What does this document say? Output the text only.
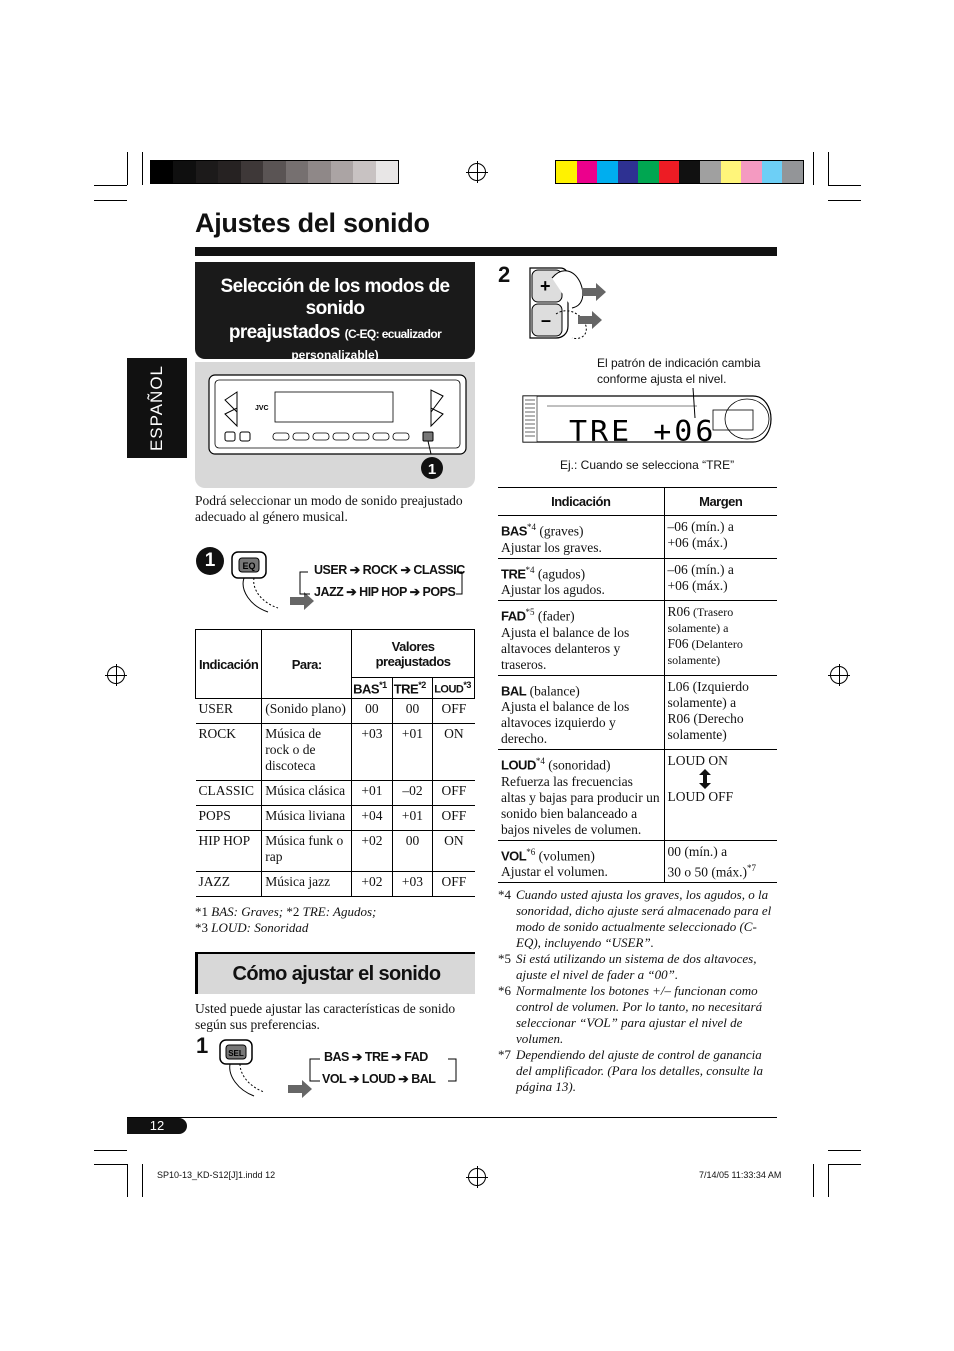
Ajustes del sonido
ESPAÑOL
Selección de los modos de sonido
preajustados (C-EQ: ecualizador
personalizable)
JVC
1
Podrá seleccionar un modo de sonido preajustado adecuado al género musical.
1	EQ	USER ➔ ROCK ➔ CLASSIC
JAZZ ➔ HIP HOP ➔ POPS
Indicación	Para:	Valores preajustados		
		BAS$^{*1}$	TRE$^{*2}$	LOUD$^{*3}$
USER	(Sonido plano)	00	00	OFF
ROCK	Música de rock o de discoteca	+03	+01	ON
CLASSIC	Música clásica	+01	–02	OFF
POPS	Música liviana	+04	+01	OFF
HIP HOP	Música funk o rap	+02	00	ON
JAZZ	Música jazz	+02	+03	OFF
*1 BAS: Graves; *2 TRE: Agudos;
*3 LOUD: Sonoridad
Cómo ajustar el sonido
Usted puede ajustar las características de sonido según sus preferencias.
1 SEL	BAS ➔ TRE ➔ FAD
VOL ➔ LOUD ➔ BAL
2 +
–
El patrón de indicación cambia conforme ajusta el nivel.
TRE +06
Ej.: Cuando se selecciona “TRE”
Indicación	Margen
BAS$^{*4}$ (graves)
Ajustar los graves.	–06 (mín.) a
+06 (máx.)
TRE$^{*4}$ (agudos)
Ajustar los agudos.	–06 (mín.) a
+06 (máx.)
FAD$^{*5}$ (fader)
Ajusta el balance de los altavoces delanteros y traseros.	R06 (Trasero solamente) a
F06 (Delantero solamente)
BAL (balance)
Ajusta el balance de los altavoces izquierdo y derecho.	L06 (Izquierdo solamente) a
R06 (Derecho solamente)
LOUD$^{*4}$ (sonoridad)
Refuerza las frecuencias altas y bajas para producir un sonido bien balanceado a bajos niveles de volumen.	LOUD ON
LOUD OFF
VOL$^{*6}$ (volumen)
Ajustar el volumen.	00 (mín.) a
30 o 50 (máx.)$^{*7}$
*4 Cuando usted ajusta los graves, los agudos, o la sonoridad, dicho ajuste será almacenado para el modo de sonido actualmente seleccionado (C-EQ), incluyendo “USER”.
*5 Si está utilizando un sistema de dos altavoces, ajuste el nivel de fader a “00”.
*6 Normalmente los botones +/– funcionan como control de volumen. Por lo tanto, no necesitará seleccionar “VOL” para ajustar el nivel de volumen.
*7 Dependiendo del ajuste de control de ganancia del amplificador. (Para los detalles, consulte la página 13).
12
SP10-13_KD-S12[J]1.indd 12	7/14/05 11:33:34 AM
